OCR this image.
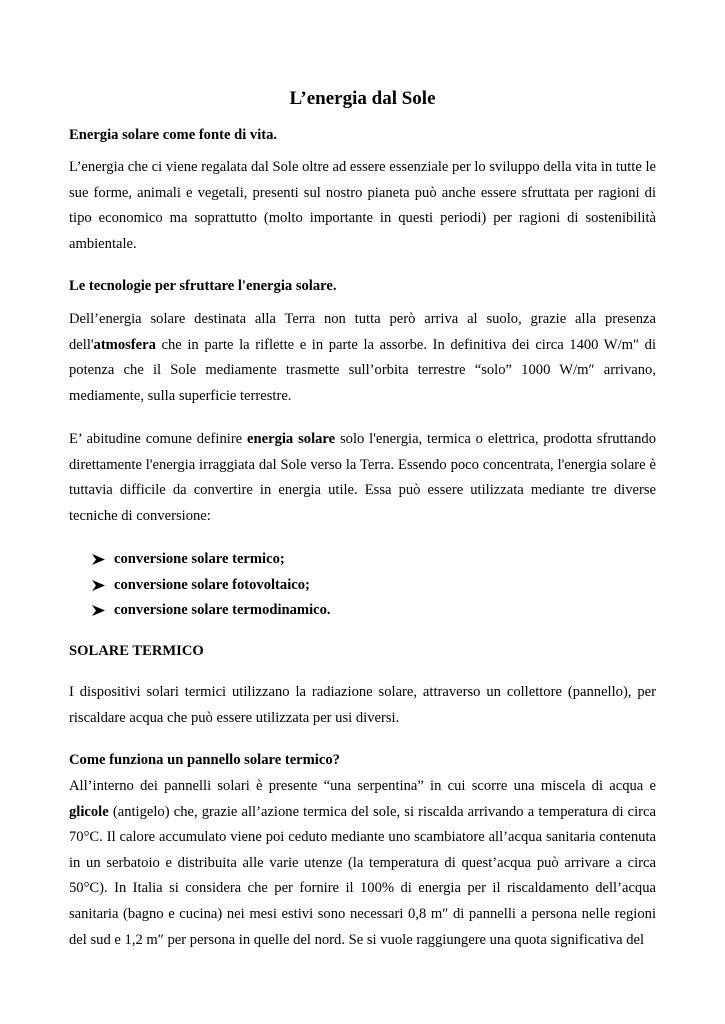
L’energia dal Sole
Energia solare come fonte di vita.
L’energia che ci viene regalata dal Sole oltre ad essere essenziale per lo sviluppo della vita in tutte le sue forme, animali e vegetali, presenti sul nostro pianeta può anche essere sfruttata per ragioni di tipo economico ma soprattutto (molto importante in questi periodi) per ragioni di sostenibilità ambientale.
Le tecnologie per sfruttare l'energia solare.
Dell’energia solare destinata alla Terra non tutta però arriva al suolo, grazie alla presenza dell'atmosfera che in parte la riflette e in parte la assorbe. In definitiva dei circa 1400 W/m″ di potenza che il Sole mediamente trasmette sull’orbita terrestre “solo” 1000 W/m″ arrivano, mediamente, sulla superficie terrestre.
E’ abitudine comune definire energia solare solo l'energia, termica o elettrica, prodotta sfruttando direttamente l'energia irraggiata dal Sole verso la Terra. Essendo poco concentrata, l'energia solare è tuttavia difficile da convertire in energia utile. Essa può essere utilizzata mediante tre diverse tecniche di conversione:
conversione solare termico;
conversione solare fotovoltaico;
conversione solare termodinamico.
SOLARE TERMICO
I dispositivi solari termici utilizzano la radiazione solare, attraverso un collettore (pannello), per riscaldare acqua che può essere utilizzata per usi diversi.
Come funziona un pannello solare termico?
All’interno dei pannelli solari è presente “una serpentina” in cui scorre una miscela di acqua e glicole (antigelo) che, grazie all’azione termica del sole, si riscalda arrivando a temperatura di circa 70°C. Il calore accumulato viene poi ceduto mediante uno scambiatore all’acqua sanitaria contenuta in un serbatoio e distribuita alle varie utenze (la temperatura di quest’acqua può arrivare a circa 50°C). In Italia si considera che per fornire il 100% di energia per il riscaldamento dell’acqua sanitaria (bagno e cucina) nei mesi estivi sono necessari 0,8 m″ di pannelli a persona nelle regioni del sud e 1,2 m″ per persona in quelle del nord. Se si vuole raggiungere una quota significativa del
